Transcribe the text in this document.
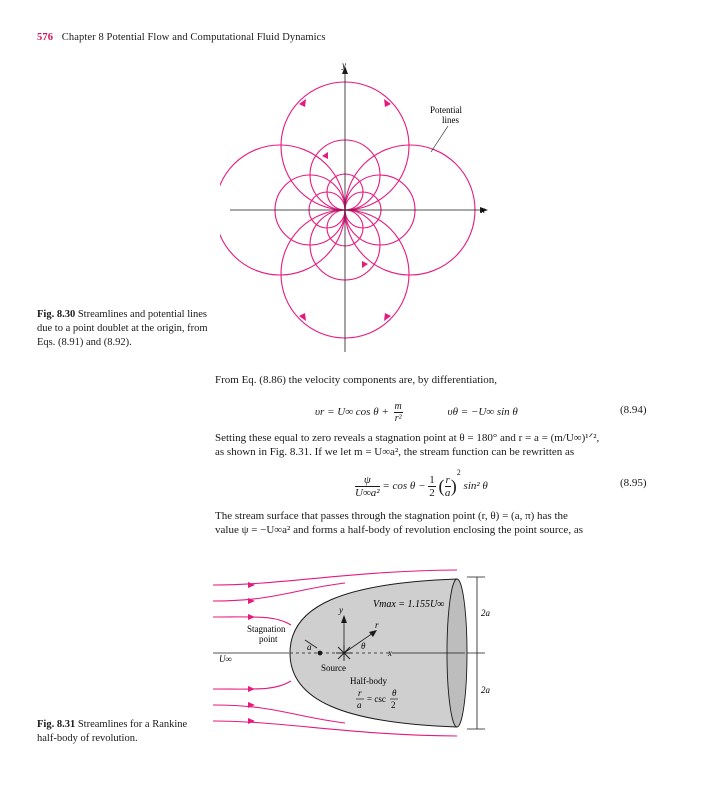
576 Chapter 8 Potential Flow and Computational Fluid Dynamics
y
x
Potential
lines
Fig. 8.30 Streamlines and potential lines due to a point doublet at the origin, from Eqs. (8.91) and (8.92).
From Eq. (8.86) the velocity components are, by differentiation,
υr = U∞ $\cos \theta + \frac{m}{\text{r²}}$	υθ = −U∞ sin θ	(8.94)
Setting these equal to zero reveals a stagnation point at θ = 180° and r = a = (m/U∞)¹ᐟ²,
as shown in Fig. 8.31. If we let m = U∞a², the stream function can be rewritten as
$\frac{\psi}{\text{U∞a²}} = \cos \theta - \frac{1}{2}$ ( $\frac{r}{a} )^2$ sin² θ	(8.95)
The stream surface that passes through the stagnation point (r, θ) = (a, π) has the
value ψ = −U∞a² and forms a half-body of revolution enclosing the point source, as
Vmax = 1.155U∞
y
r
θ
x
a
Stagnation
point
Source
Half-body
U∞
2a
2a
r
a
= csc
θ
2
Fig. 8.31 Streamlines for a Rankine half-body of revolution.
